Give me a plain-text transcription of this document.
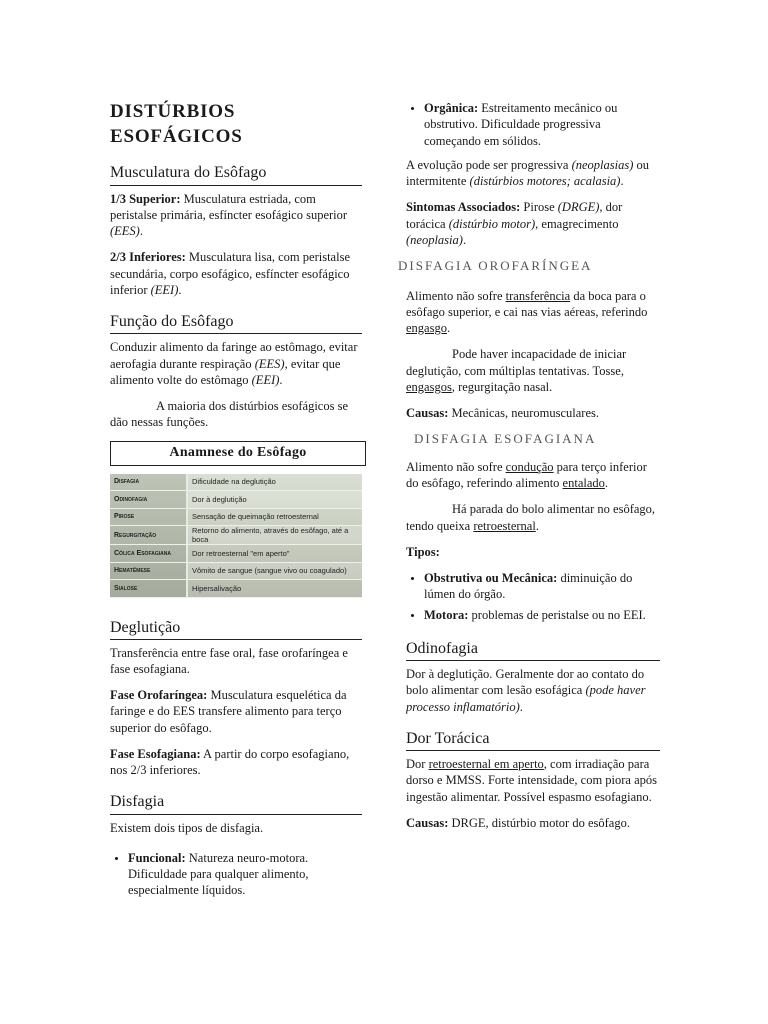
DISTÚRBIOS
ESOFÁGICOS
Musculatura do Esôfago

1/3 Superior: Musculatura estriada, com peristalse primária, esfíncter esofágico superior (EES).

2/3 Inferiores: Musculatura lisa, com peristalse secundária, corpo esofágico, esfíncter esofágico inferior (EEI).

Função do Esôfago

Conduzir alimento da faringe ao estômago, evitar aerofagia durante respiração (EES), evitar que alimento volte do estômago (EEI).

A maioria dos distúrbios esofágicos se dão nessas funções.

Anamnese do Esôfago
Disfagia	Dificuldade na deglutição
Odinofagia	Dor à deglutição
Pirose	Sensação de queimação retroesternal
Regurgitação	Retorno do alimento, através do esôfago, até a boca
Cólica Esofagiana	Dor retroesternal "em aperto"
Hematêmese	Vômito de sangue (sangue vivo ou coagulado)
Sialose	Hipersalivação
Deglutição

Transferência entre fase oral, fase orofaríngea e fase esofagiana.

Fase Orofaríngea: Musculatura esquelética da faringe e do EES transfere alimento para terço superior do esôfago.

Fase Esofagiana: A partir do corpo esofagiano, nos 2/3 inferiores.

Disfagia

Existem dois tipos de disfagia.

• Funcional: Natureza neuro-motora. Dificuldade para qualquer alimento, especialmente líquidos.
• Orgânica: Estreitamento mecânico ou obstrutivo. Dificuldade progressiva começando em sólidos.

A evolução pode ser progressiva (neoplasias) ou intermitente (distúrbios motores; acalasia).

Sintomas Associados: Pirose (DRGE), dor torácica (distúrbio motor), emagrecimento (neoplasia).

DISFAGIA OROFARÍNGEA

Alimento não sofre transferência da boca para o esôfago superior, e cai nas vias aéreas, referindo engasgo.

Pode haver incapacidade de iniciar deglutição, com múltiplas tentativas. Tosse, engasgos, regurgitação nasal.

Causas: Mecânicas, neuromusculares.

DISFAGIA ESOFAGIANA

Alimento não sofre condução para terço inferior do esôfago, referindo alimento entalado.

Há parada do bolo alimentar no esôfago, tendo queixa retroesternal.

Tipos:

• Obstrutiva ou Mecânica: diminuição do lúmen do órgão.
• Motora: problemas de peristalse ou no EEI.
Odinofagia

Dor à deglutição. Geralmente dor ao contato do bolo alimentar com lesão esofágica (pode haver processo inflamatório).

Dor Torácica

Dor retroesternal em aperto, com irradiação para dorso e MMSS. Forte intensidade, com piora após ingestão alimentar. Possível espasmo esofagiano.

Causas: DRGE, distúrbio motor do esôfago.
